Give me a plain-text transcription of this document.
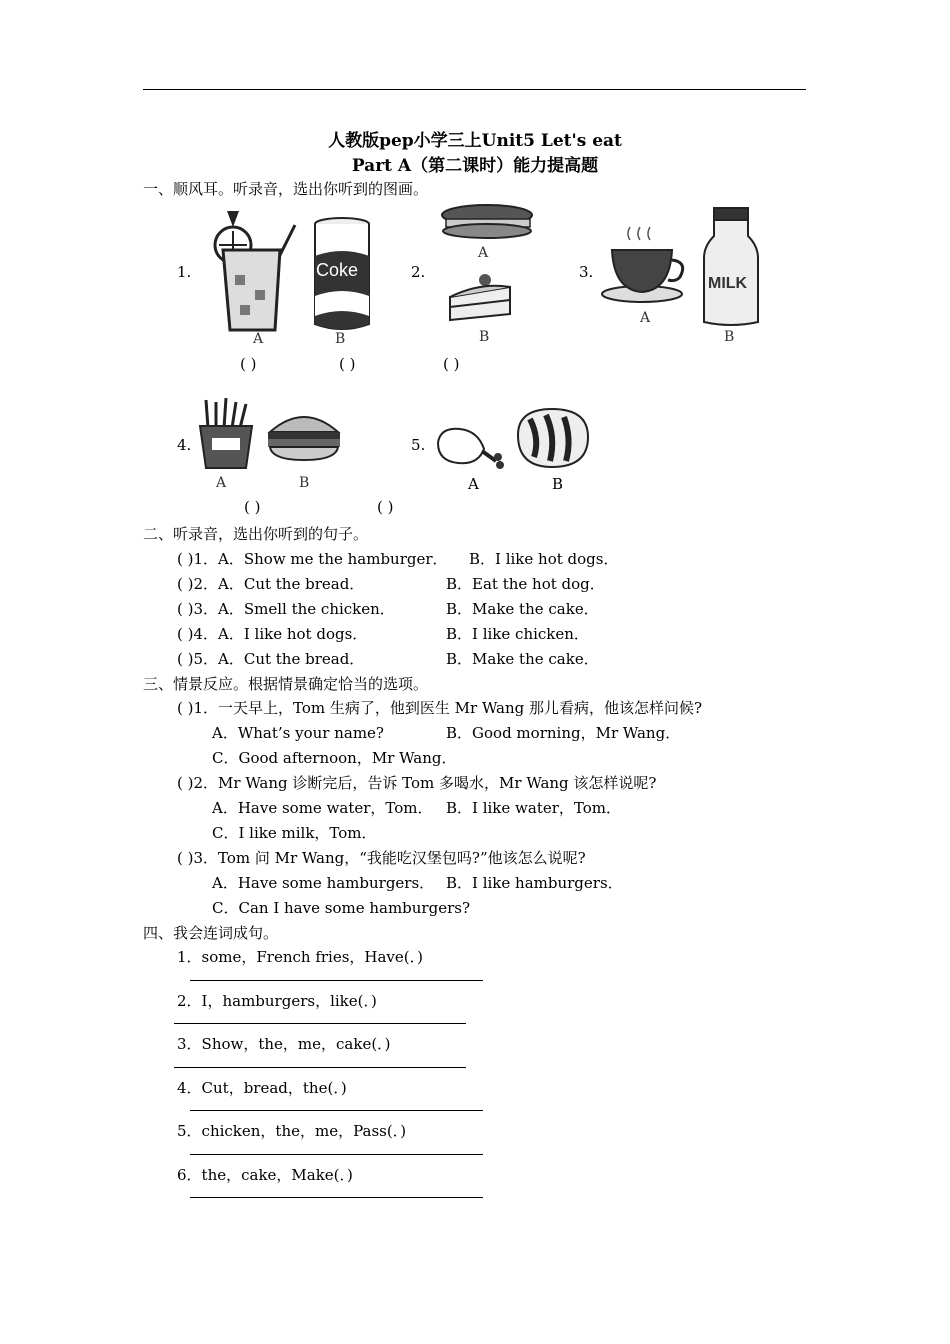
人教版pep小学三上Unit5 Let's eat
Part A（第二课时）能力提高题
一、顺风耳。听录音，选出你听到的图画。
1.	Coke
A	B
( )
2.
A
B
( )
3.
A
MILK
B
( )
4.
A	B
( )
5.
A	B
( )
二、听录音，选出你听到的句子。
( )1．A．Show me the hamburger． B．I like hot dogs．
( )2．A．Cut the bread．	B．Eat the hot dog．
( )3．A．Smell the chicken．	B．Make the cake．
( )4．A．I like hot dogs．	B．I like chicken．
( )5．A．Cut the bread．	B．Make the cake．
三、情景反应。根据情景确定恰当的选项。
( )1．一天早上，Tom 生病了，他到医生 Mr Wang 那儿看病，他该怎样问候?
A．What’s your name?	B．Good morning，Mr Wang．
C．Good afternoon，Mr Wang．
( )2．Mr Wang 诊断完后，告诉 Tom 多喝水，Mr Wang 该怎样说呢?
A．Have some water，Tom． B．I like water，Tom．
C．I like milk，Tom．
( )3．Tom 问 Mr Wang，“我能吃汉堡包吗?”他该怎么说呢?
A．Have some hamburgers． B．I like hamburgers．
C．Can I have some hamburgers?
四、我会连词成句。
1．some，French fries，Have(．)
2．I，hamburgers，like(．)
3．Show，the，me，cake(．)
4．Cut，bread，the(．)
5．chicken，the，me，Pass(．)
6．the，cake，Make(．)
